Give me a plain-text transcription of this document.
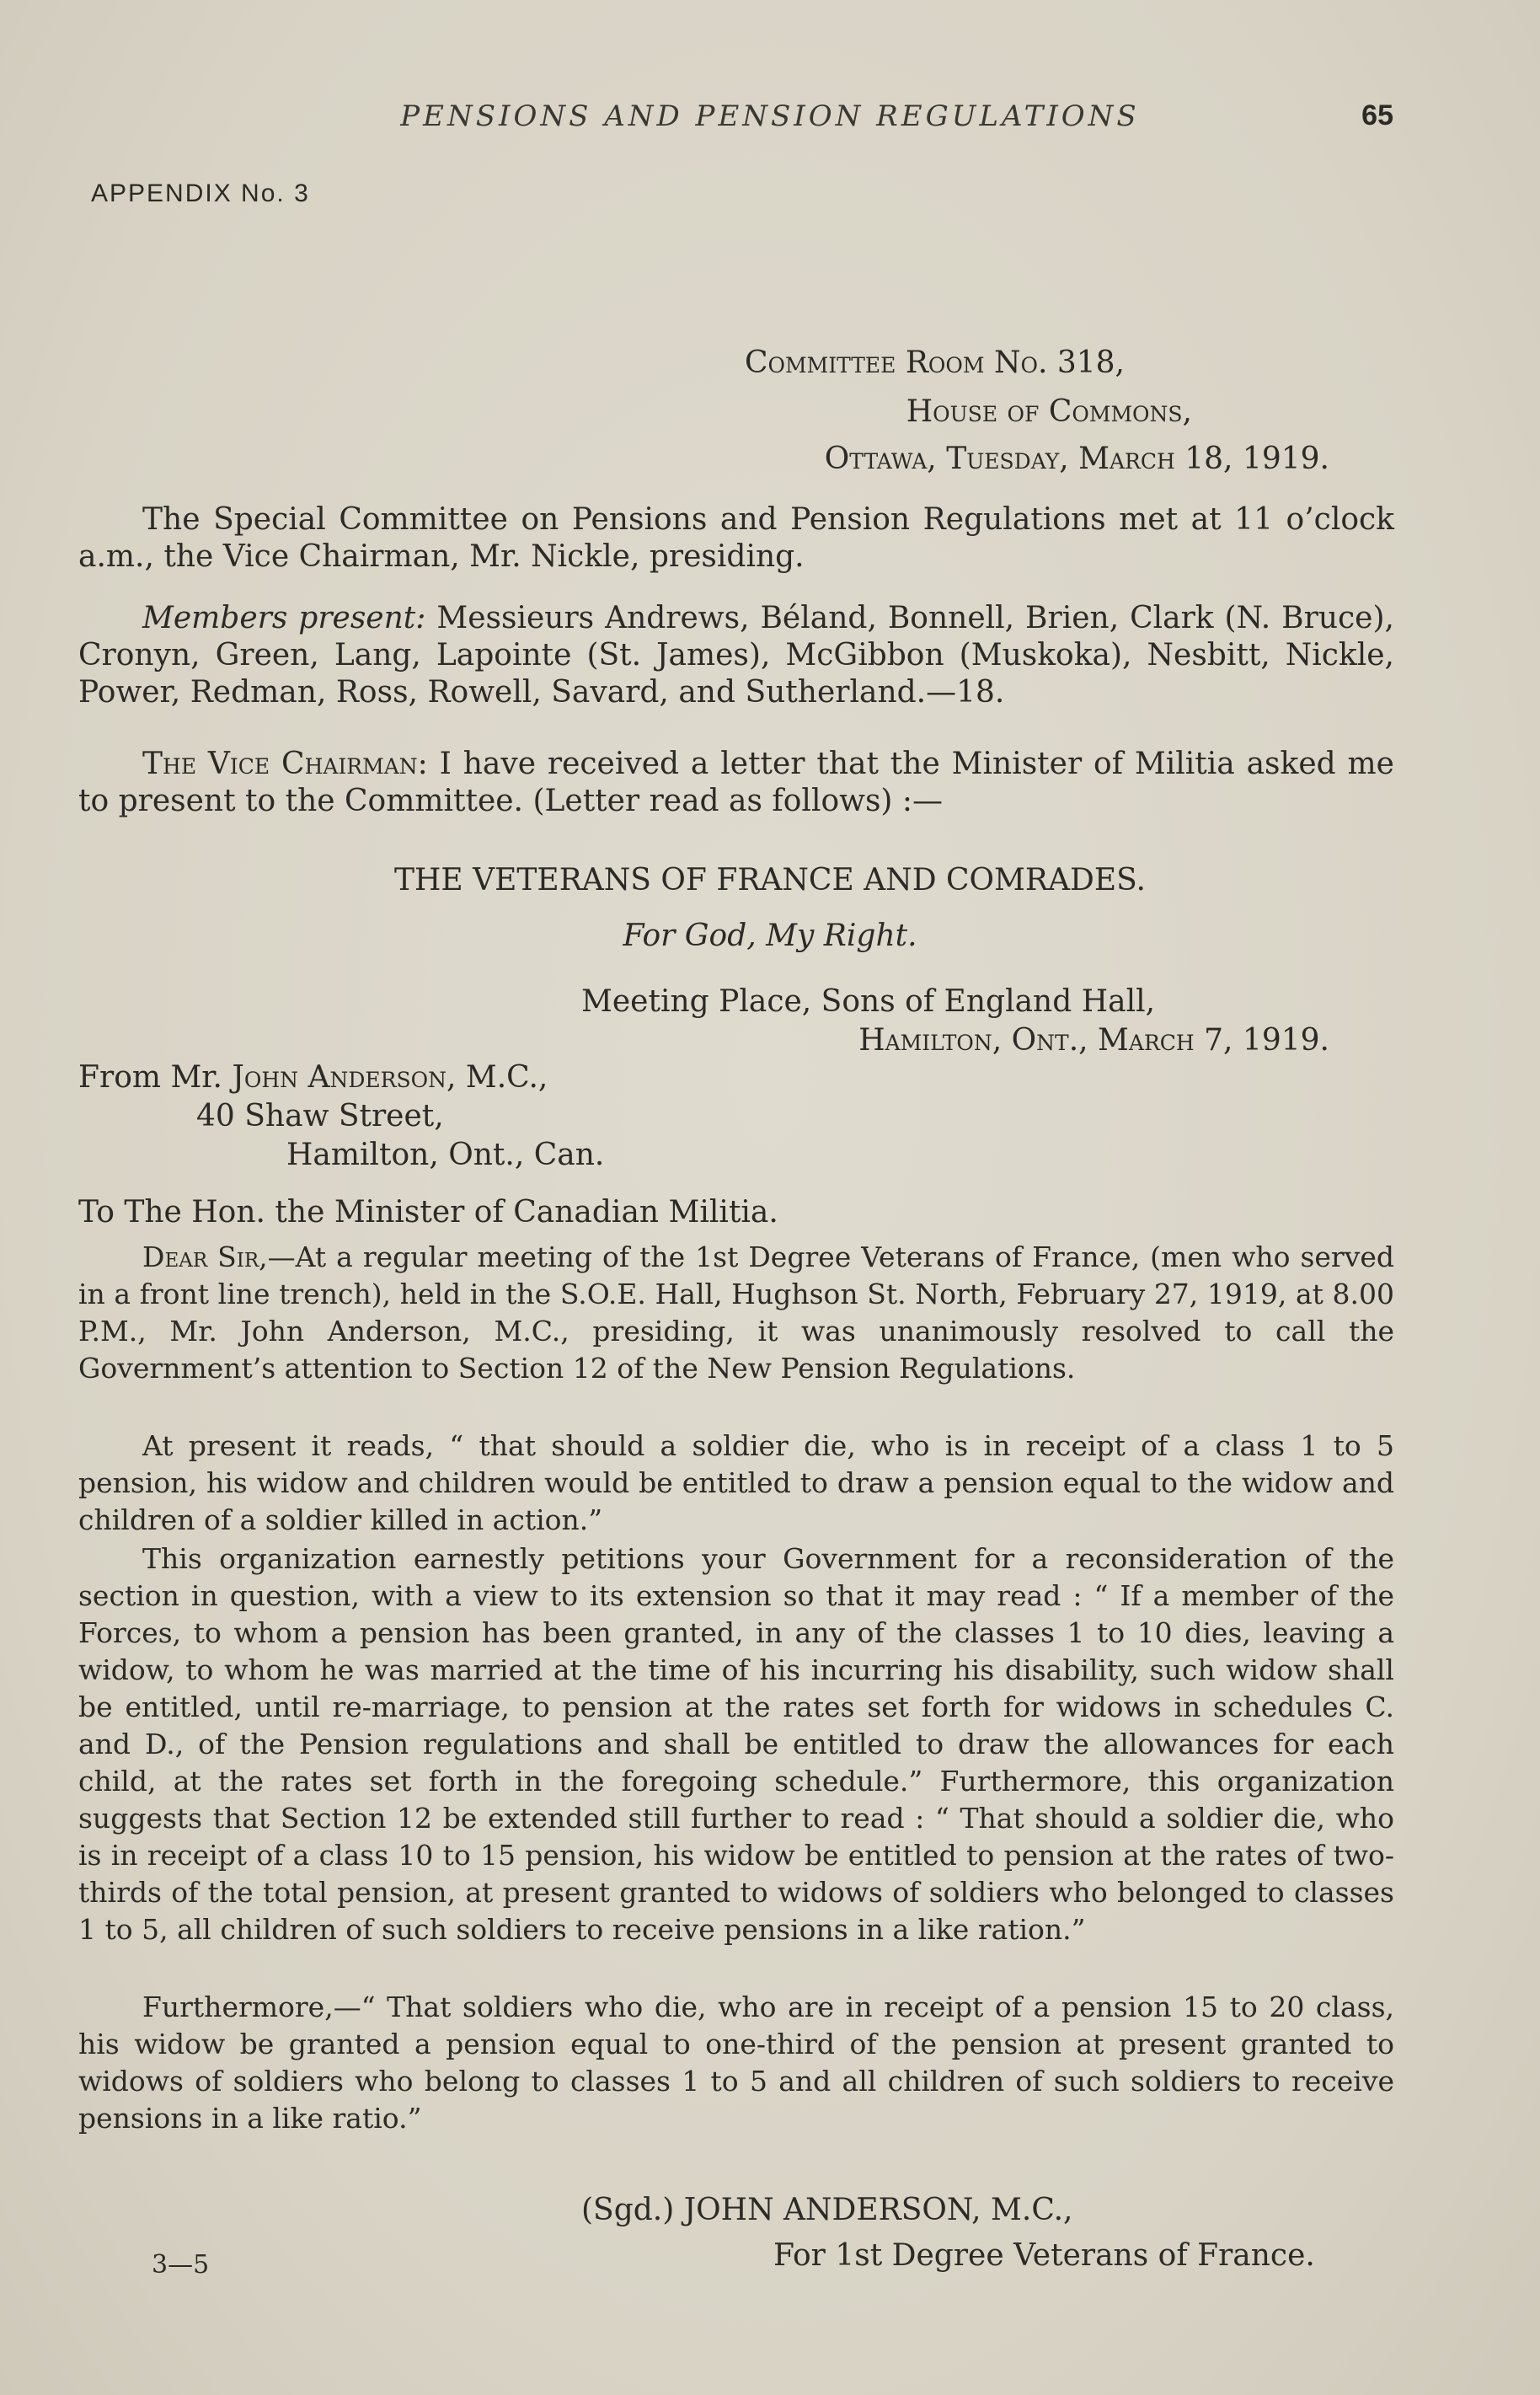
PENSIONS AND PENSION REGULATIONS	65
APPENDIX No. 3
Committee Room No. 318,
House of Commons,
Ottawa, Tuesday, March 18, 1919.

The Special Committee on Pensions and Pension Regulations met at 11 o’clock a.m., the Vice Chairman, Mr. Nickle, presiding.

Members present: Messieurs Andrews, Béland, Bonnell, Brien, Clark (N. Bruce), Cronyn, Green, Lang, Lapointe (St. James), McGibbon (Muskoka), Nesbitt, Nickle, Power, Redman, Ross, Rowell, Savard, and Sutherland.—18.

The Vice Chairman: I have received a letter that the Minister of Militia asked me to present to the Committee. (Letter read as follows) :—

THE VETERANS OF FRANCE AND COMRADES.
For God, My Right.
Meeting Place, Sons of England Hall,
Hamilton, Ont., March 7, 1919.
From Mr. John Anderson, M.C.,
40 Shaw Street,
Hamilton, Ont., Can.
To The Hon. the Minister of Canadian Militia.

Dear Sir,—At a regular meeting of the 1st Degree Veterans of France, (men who served in a front line trench), held in the S.O.E. Hall, Hughson St. North, February 27, 1919, at 8.00 P.M., Mr. John Anderson, M.C., presiding, it was unanimously resolved to call the Government’s attention to Section 12 of the New Pension Regulations.

At present it reads, “ that should a soldier die, who is in receipt of a class 1 to 5 pension, his widow and children would be entitled to draw a pension equal to the widow and children of a soldier killed in action.”

This organization earnestly petitions your Government for a reconsideration of the section in question, with a view to its extension so that it may read : “ If a member of the Forces, to whom a pension has been granted, in any of the classes 1 to 10 dies, leaving a widow, to whom he was married at the time of his incurring his disability, such widow shall be entitled, until re-marriage, to pension at the rates set forth for widows in schedules C. and D., of the Pension regulations and shall be entitled to draw the allowances for each child, at the rates set forth in the foregoing schedule.” Furthermore, this organization suggests that Section 12 be extended still further to read : “ That should a soldier die, who is in receipt of a class 10 to 15 pension, his widow be entitled to pension at the rates of two-thirds of the total pension, at present granted to widows of soldiers who belonged to classes 1 to 5, all children of such soldiers to receive pensions in a like ration.”

Furthermore,—“ That soldiers who die, who are in receipt of a pension 15 to 20 class, his widow be granted a pension equal to one-third of the pension at present granted to widows of soldiers who belong to classes 1 to 5 and all children of such soldiers to receive pensions in a like ratio.”

(Sgd.) JOHN ANDERSON, M.C.,
For 1st Degree Veterans of France.
3—5
